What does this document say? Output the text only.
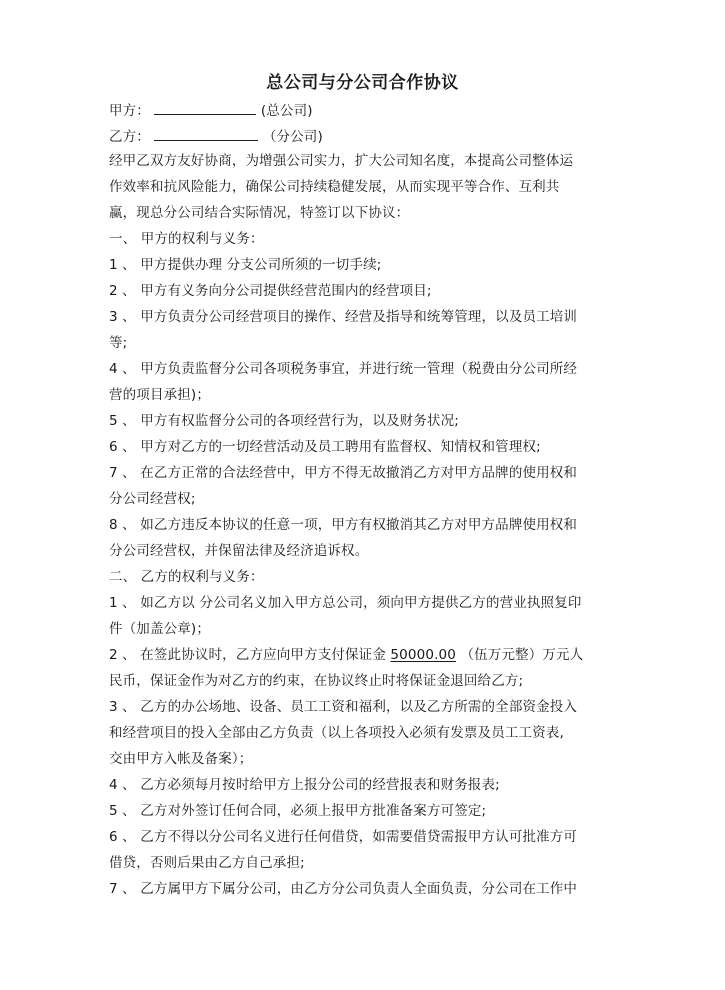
总公司与分公司合作协议
甲方：	(总公司)
乙方：	（分公司)
经甲乙双方友好协商，为增强公司实力，扩大公司知名度，本提高公司整体运
作效率和抗风险能力，确保公司持续稳健发展，从而实现平等合作、互利共
赢，现总分公司结合实际情况，特签订以下协议：
一、 甲方的权利与义务：
1 、 甲方提供办理 分支公司所须的一切手续;
2 、 甲方有义务向分公司提供经营范围内的经营项目;
3 、 甲方负责分公司经营项目的操作、经营及指导和统筹管理，以及员工培训
等;
4 、 甲方负责监督分公司各项税务事宜，并进行统一管理（税费由分公司所经
营的项目承担)；
5 、 甲方有权监督分公司的各项经营行为，以及财务状况;
6 、 甲方对乙方的一切经营活动及员工聘用有监督权、知情权和管理权;
7 、 在乙方正常的合法经营中，甲方不得无故撤消乙方对甲方品牌的使用权和
分公司经营权;
8 、 如乙方违反本协议的任意一项，甲方有权撤消其乙方对甲方品牌使用权和
分公司经营权，并保留法律及经济追诉权。
二、 乙方的权利与义务：
1 、 如乙方以 分公司名义加入甲方总公司，须向甲方提供乙方的营业执照复印
件（加盖公章)；
2 、 在签此协议时，乙方应向甲方支付保证金 50000.00 （伍万元整）万元人
民币，保证金作为对乙方的约束，在协议终止时将保证金退回给乙方;
3 、 乙方的办公场地、设备、员工工资和福利，以及乙方所需的全部资金投入
和经营项目的投入全部由乙方负责（以上各项投入必须有发票及员工工资表,
交由甲方入帐及备案）；
4 、 乙方必须每月按时给甲方上报分公司的经营报表和财务报表;
5 、 乙方对外签订任何合同，必须上报甲方批准备案方可签定;
6 、 乙方不得以分公司名义进行任何借贷，如需要借贷需报甲方认可批准方可
借贷，否则后果由乙方自己承担;
7 、 乙方属甲方下属分公司，由乙方分公司负责人全面负责，分公司在工作中
